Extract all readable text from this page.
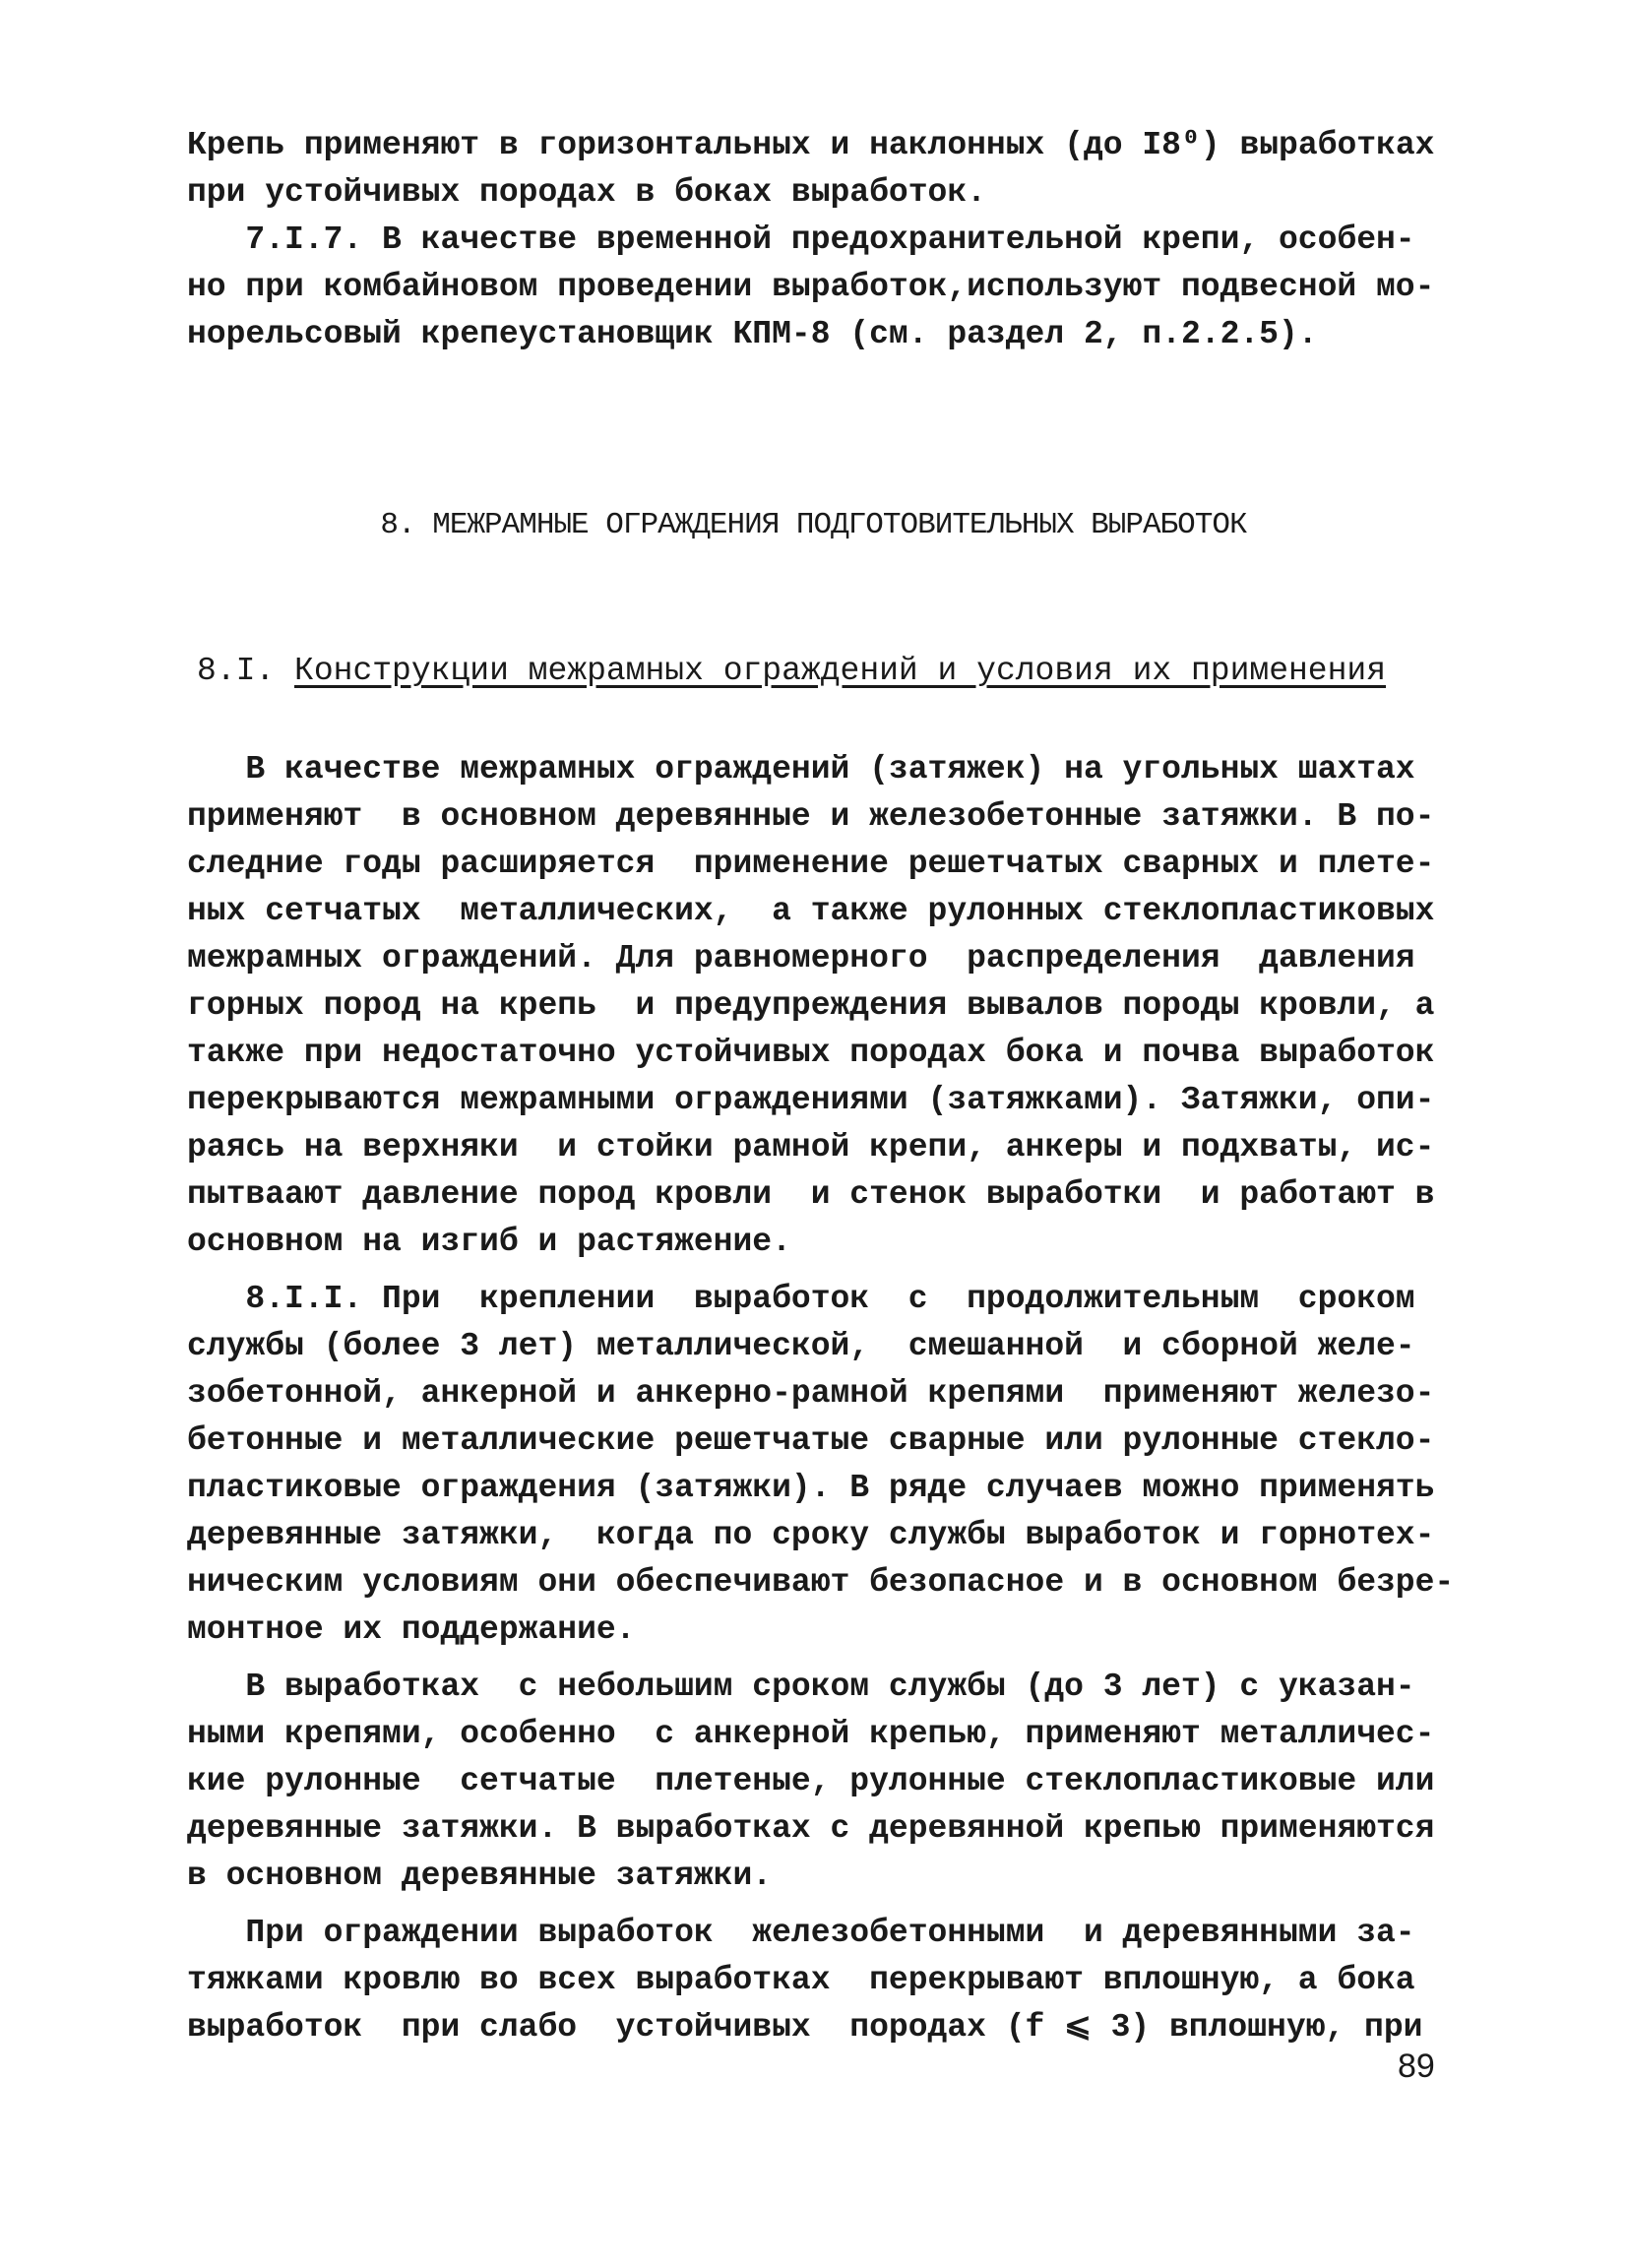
Крепь применяют в горизонтальных и наклонных (до I8⁰) выработках
при устойчивых породах в боках выработок.
7.I.7. В качестве временной предохранительной крепи, особен-
но при комбайновом проведении выработок,используют подвесной мо-
норельсовый крепеустановщик КПМ-8 (см. раздел 2, п.2.2.5).
8. МЕЖРАМНЫЕ ОГРАЖДЕНИЯ ПОДГОТОВИТЕЛЬНЫХ ВЫРАБОТОК
8.I. Конструкции межрамных ограждений и условия их применения
В качестве межрамных ограждений (затяжек) на угольных шахтах
применяют  в основном деревянные и железобетонные затяжки. В по-
следние годы расширяется  применение решетчатых сварных и плете-
ных сетчатых  металлических,  а также рулонных стеклопластиковых
межрамных ограждений. Для равномерного  распределения  давления
горных пород на крепь  и предупреждения вывалов породы кровли, а
также при недостаточно устойчивых породах бока и почва выработок
перекрываются межрамными ограждениями (затяжками). Затяжки, опи-
раясь на верхняки  и стойки рамной крепи, анкеры и подхваты, ис-
пытваают давление пород кровли  и стенок выработки  и работают в
основном на изгиб и растяжение.
8.I.I. При  креплении  выработок  с  продолжительным  сроком
службы (более 3 лет) металлической,  смешанной  и сборной желе-
зобетонной, анкерной и анкерно-рамной крепями  применяют железо-
бетонные и металлические решетчатые сварные или рулонные стекло-
пластиковые ограждения (затяжки). В ряде случаев можно применять
деревянные затяжки,  когда по сроку службы выработок и горнотех-
ническим условиям они обеспечивают безопасное и в основном безре-
монтное их поддержание.
В выработках  с небольшим сроком службы (до 3 лет) с указан-
ными крепями, особенно  с анкерной крепью, применяют металличес-
кие рулонные  сетчатые  плетеные, рулонные стеклопластиковые или
деревянные затяжки. В выработках с деревянной крепью применяются
в основном деревянные затяжки.
При ограждении выработок  железобетонными  и деревянными за-
тяжками кровлю во всех выработках  перекрывают вплошную, а бока
выработок  при слабо  устойчивых  породах (f ⩽ 3) вплошную, при
89
